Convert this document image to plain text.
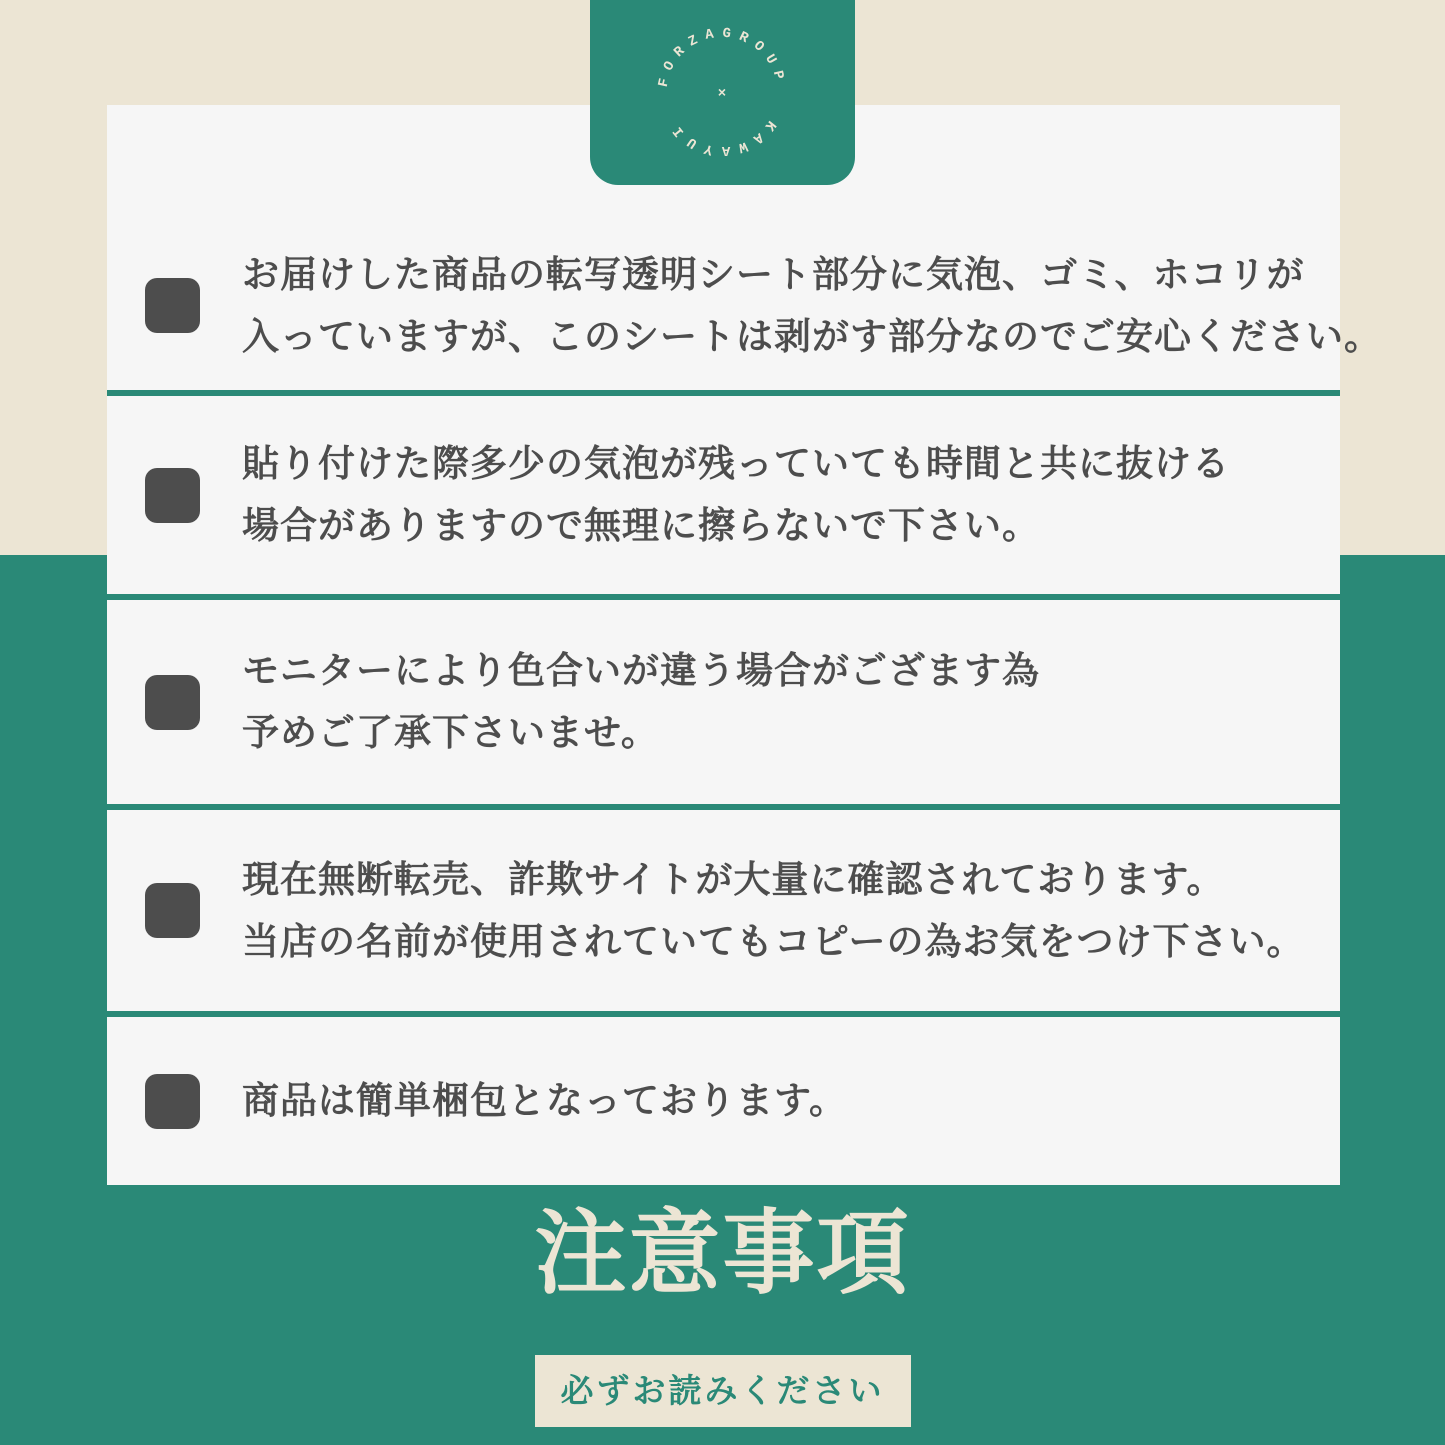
FORZAGROUP
KAWAYUI
×
お届けした商品の転写透明シート部分に気泡、ゴミ、ホコリが
入っていますが、このシートは剥がす部分なのでご安心ください。
貼り付けた際多少の気泡が残っていても時間と共に抜ける
場合がありますので無理に擦らないで下さい。
モニターにより色合いが違う場合がござます為
予めご了承下さいませ。
現在無断転売、詐欺サイトが大量に確認されております。
当店の名前が使用されていてもコピーの為お気をつけ下さい。
商品は簡単梱包となっております。
注意事項

必ずお読みください
